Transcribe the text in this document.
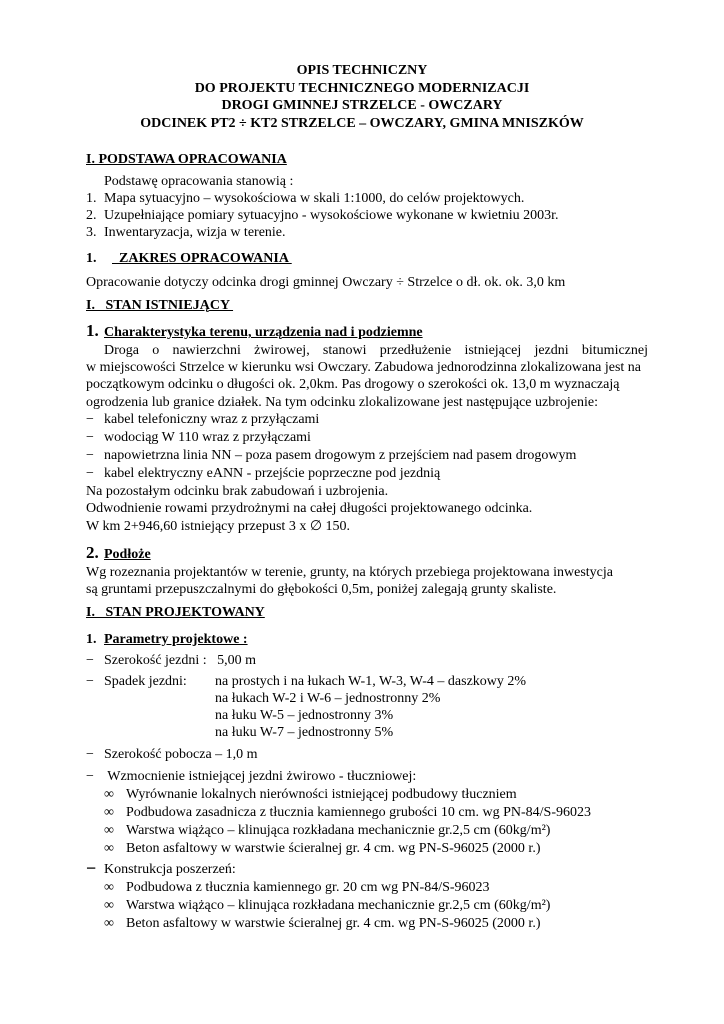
OPIS TECHNICZNY
DO PROJEKTU TECHNICZNEGO MODERNIZACJI
DROGI GMINNEJ STRZELCE - OWCZARY
ODCINEK PT2 ÷ KT2 STRZELCE – OWCZARY, GMINA MNISZKÓW
I. PODSTAWA OPRACOWANIA
Podstawę opracowania stanowią :
1. Mapa sytuacyjno – wysokościowa w skali 1:1000, do celów projektowych.
2. Uzupełniające pomiary sytuacyjno - wysokościowe wykonane w kwietniu 2003r.
3. Inwentaryzacja, wizja w terenie.
1. ZAKRES OPRACOWANIA
Opracowanie dotyczy odcinka drogi gminnej Owczary ÷ Strzelce o dł. ok. ok. 3,0 km
I.   STAN ISTNIEJĄCY
1. Charakterystyka terenu, urządzenia nad i podziemne
Droga o nawierzchni żwirowej, stanowi przedłużenie istniejącej jezdni bitumicznej
w miejscowości Strzelce w kierunku wsi Owczary. Zabudowa jednorodzinna zlokalizowana jest na
początkowym odcinku o długości ok. 2,0km. Pas drogowy o szerokości ok. 13,0 m wyznaczają
ogrodzenia lub granice działek. Na tym odcinku zlokalizowane jest następujące uzbrojenie:
− kabel telefoniczny wraz z przyłączami
− wodociąg W 110 wraz z przyłączami
− napowietrzna linia NN – poza pasem drogowym z przejściem nad pasem drogowym
− kabel elektryczny eANN - przejście poprzeczne pod jezdnią
Na pozostałym odcinku brak zabudowań i uzbrojenia.
Odwodnienie rowami przydrożnymi na całej długości projektowanego odcinka.
W km 2+946,60 istniejący przepust 3 x ∅ 150.
2. Podłoże
Wg rozeznania projektantów w terenie, grunty, na których przebiega projektowana inwestycja
są gruntami przepuszczalnymi do głębokości 0,5m, poniżej zalegają grunty skaliste.
I.   STAN PROJEKTOWANY
1. Parametry projektowe :
− Szerokość jezdni :   5,00 m
− Spadek jezdni: na prostych i na łukach W-1, W-3, W-4 – daszkowy 2%
na łukach W-2 i W-6 – jednostronny 2%
na łuku W-5 – jednostronny 3%
na łuku W-7 – jednostronny 5%
− Szerokość pobocza – 1,0 m
− Wzmocnienie istniejącej jezdni żwirowo - tłuczniowej:
∞ Wyrównanie lokalnych nierówności istniejącej podbudowy tłuczniem
∞ Podbudowa zasadnicza z tłucznia kamiennego grubości 10 cm. wg PN-84/S-96023
∞ Warstwa wiążąco – klinująca rozkładana mechanicznie gr.2,5 cm (60kg/m²)
∞ Beton asfaltowy w warstwie ścieralnej gr. 4 cm. wg PN-S-96025 (2000 r.)
− Konstrukcja poszerzeń:
∞ Podbudowa z tłucznia kamiennego gr. 20 cm wg PN-84/S-96023
∞ Warstwa wiążąco – klinująca rozkładana mechanicznie gr.2,5 cm (60kg/m²)
∞ Beton asfaltowy w warstwie ścieralnej gr. 4 cm. wg PN-S-96025 (2000 r.)
